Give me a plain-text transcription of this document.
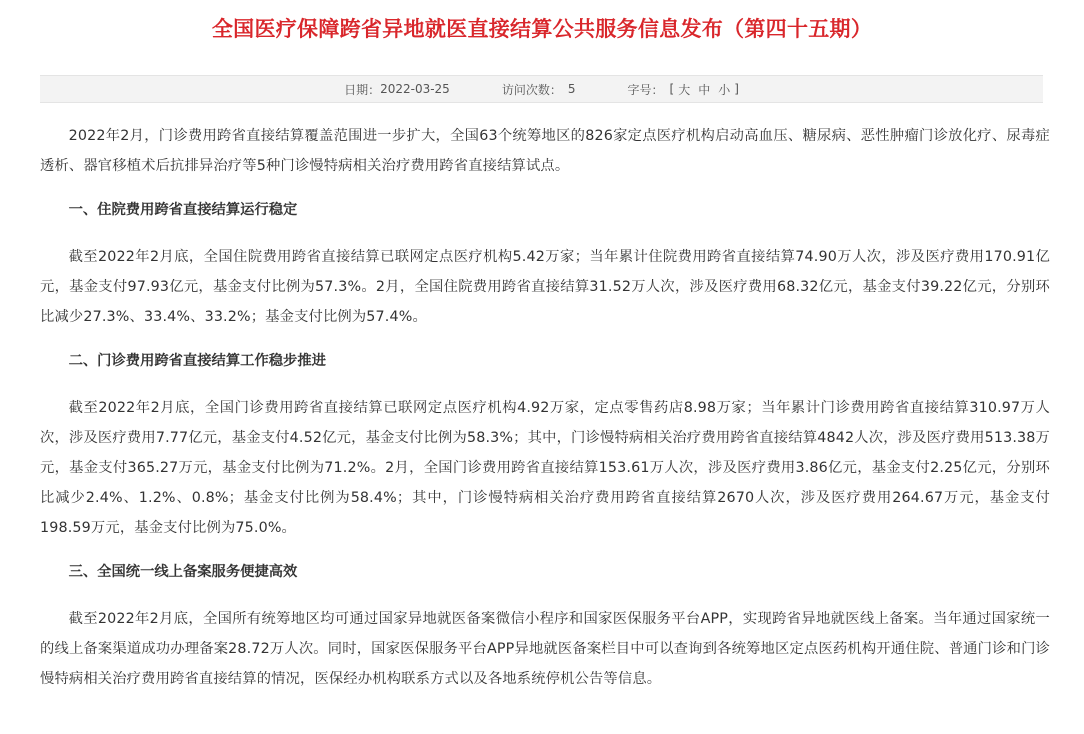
全国医疗保障跨省异地就医直接结算公共服务信息发布（第四十五期）
日期： 2022-03-25	访问次数： 5	字号： [ 大 中 小 ]

2022年2月，门诊费用跨省直接结算覆盖范围进一步扩大，全国63个统筹地区的826家定点医疗机构启动高血压、糖尿病、恶性肿瘤门诊放化疗、尿毒症透析、器官移植术后抗排异治疗等5种门诊慢特病相关治疗费用跨省直接结算试点。

一、住院费用跨省直接结算运行稳定

截至2022年2月底，全国住院费用跨省直接结算已联网定点医疗机构5.42万家；当年累计住院费用跨省直接结算74.90万人次，涉及医疗费用170.91亿元，基金支付97.93亿元，基金支付比例为57.3%。2月，全国住院费用跨省直接结算31.52万人次，涉及医疗费用68.32亿元，基金支付39.22亿元，分别环比减少27.3%、33.4%、33.2%；基金支付比例为57.4%。

二、门诊费用跨省直接结算工作稳步推进

截至2022年2月底，全国门诊费用跨省直接结算已联网定点医疗机构4.92万家，定点零售药店8.98万家；当年累计门诊费用跨省直接结算310.97万人次，涉及医疗费用7.77亿元，基金支付4.52亿元，基金支付比例为58.3%；其中，门诊慢特病相关治疗费用跨省直接结算4842人次，涉及医疗费用513.38万元，基金支付365.27万元，基金支付比例为71.2%。2月，全国门诊费用跨省直接结算153.61万人次，涉及医疗费用3.86亿元，基金支付2.25亿元，分别环比减少2.4%、1.2%、0.8%；基金支付比例为58.4%；其中，门诊慢特病相关治疗费用跨省直接结算2670人次，涉及医疗费用264.67万元，基金支付198.59万元，基金支付比例为75.0%。

三、全国统一线上备案服务便捷高效

截至2022年2月底，全国所有统筹地区均可通过国家异地就医备案微信小程序和国家医保服务平台APP，实现跨省异地就医线上备案。当年通过国家统一的线上备案渠道成功办理备案28.72万人次。同时，国家医保服务平台APP异地就医备案栏目中可以查询到各统筹地区定点医药机构开通住院、普通门诊和门诊慢特病相关治疗费用跨省直接结算的情况，医保经办机构联系方式以及各地系统停机公告等信息。
